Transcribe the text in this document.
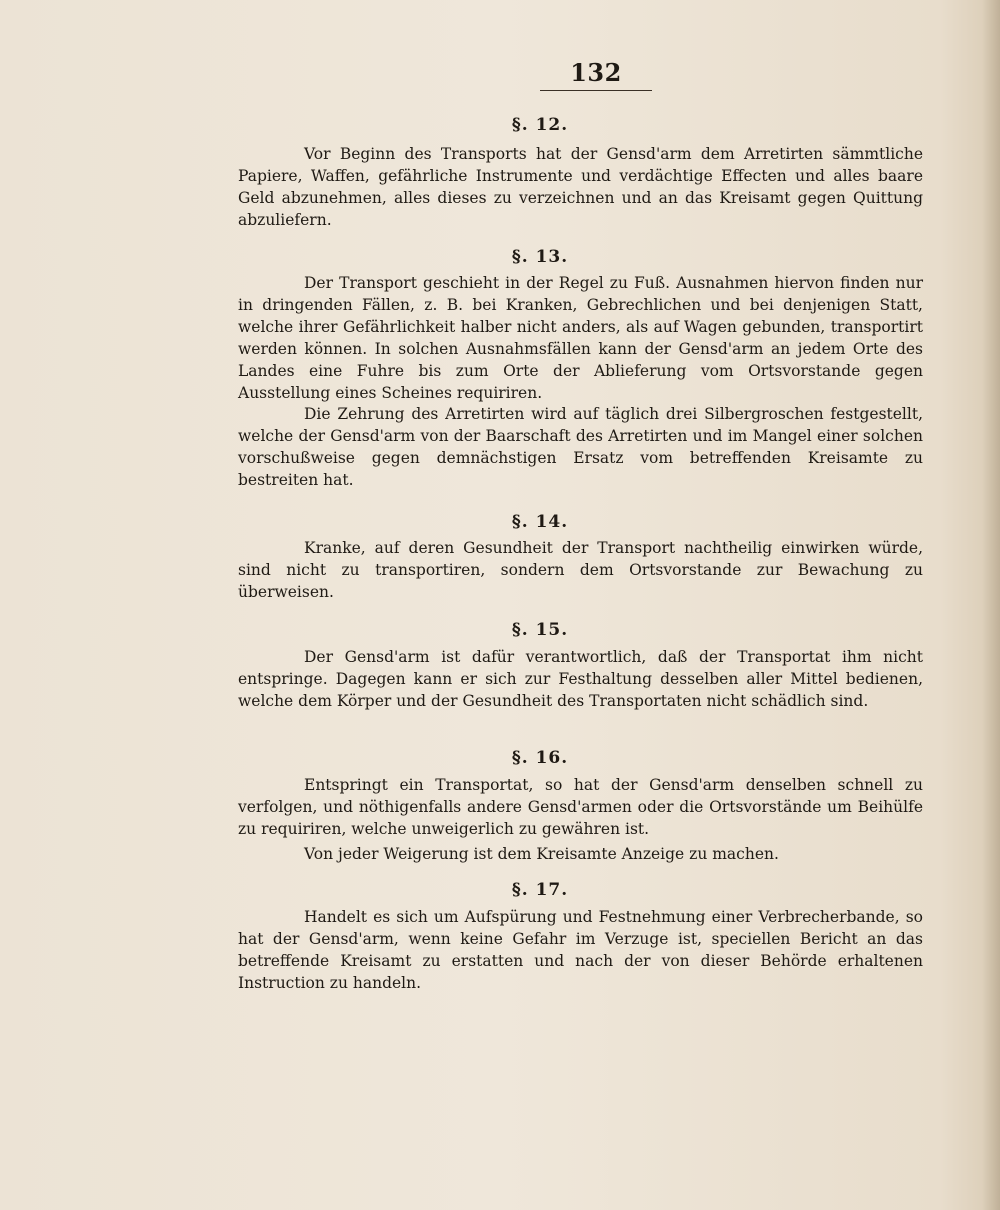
132
§. 12.

Vor Beginn des Transports hat der Gensd'arm dem Arretirten sämmtliche Papiere, Waffen, gefährliche Instrumente und verdächtige Effecten und alles baare Geld abzunehmen, alles dieses zu verzeichnen und an das Kreisamt gegen Quittung abzuliefern.

§. 13.

Der Transport geschieht in der Regel zu Fuß. Ausnahmen hiervon finden nur in dringenden Fällen, z. B. bei Kranken, Gebrechlichen und bei denjenigen Statt, welche ihrer Gefährlichkeit halber nicht anders, als auf Wagen gebunden, transportirt werden können. In solchen Ausnahmsfällen kann der Gensd'arm an jedem Orte des Landes eine Fuhre bis zum Orte der Ablieferung vom Ortsvorstande gegen Ausstellung eines Scheines requiriren.

Die Zehrung des Arretirten wird auf täglich drei Silbergroschen festgestellt, welche der Gensd'arm von der Baarschaft des Arretirten und im Mangel einer solchen vorschußweise gegen demnächstigen Ersatz vom betreffenden Kreisamte zu bestreiten hat.

§. 14.

Kranke, auf deren Gesundheit der Transport nachtheilig einwirken würde, sind nicht zu transportiren, sondern dem Ortsvorstande zur Bewachung zu überweisen.

§. 15.

Der Gensd'arm ist dafür verantwortlich, daß der Transportat ihm nicht entspringe. Dagegen kann er sich zur Festhaltung desselben aller Mittel bedienen, welche dem Körper und der Gesundheit des Transportaten nicht schädlich sind.

§. 16.

Entspringt ein Transportat, so hat der Gensd'arm denselben schnell zu verfolgen, und nöthigenfalls andere Gensd'armen oder die Ortsvorstände um Beihülfe zu requiriren, welche unweigerlich zu gewähren ist.

Von jeder Weigerung ist dem Kreisamte Anzeige zu machen.

§. 17.

Handelt es sich um Aufspürung und Festnehmung einer Verbrecherbande, so hat der Gensd'arm, wenn keine Gefahr im Verzuge ist, speciellen Bericht an das betreffende Kreisamt zu erstatten und nach der von dieser Behörde erhaltenen Instruction zu handeln.
